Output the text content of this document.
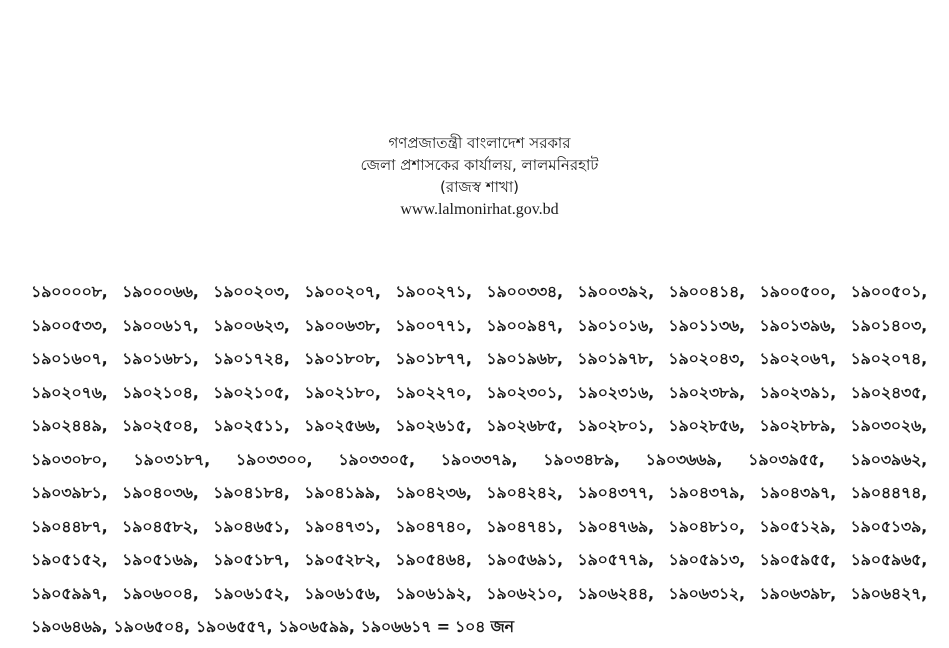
গণপ্রজাতন্ত্রী বাংলাদেশ সরকার
জেলা প্রশাসকের কার্যালয়, লালমনিরহাট
(রাজস্ব শাখা)
www.lalmonirhat.gov.bd
১৯০০০০৮, ১৯০০০৬৬, ১৯০০২০৩, ১৯০০২০৭, ১৯০০২৭১, ১৯০০৩৩৪, ১৯০০৩৯২, ১৯০০৪১৪, ১৯০০৫০০, ১৯০০৫০১,
১৯০০৫৩৩, ১৯০০৬১৭, ১৯০০৬২৩, ১৯০০৬৩৮, ১৯০০৭৭১, ১৯০০৯৪৭, ১৯০১০১৬, ১৯০১১৩৬, ১৯০১৩৯৬, ১৯০১৪০৩,
১৯০১৬০৭, ১৯০১৬৮১, ১৯০১৭২৪, ১৯০১৮০৮, ১৯০১৮৭৭, ১৯০১৯৬৮, ১৯০১৯৭৮, ১৯০২০৪৩, ১৯০২০৬৭, ১৯০২০৭৪,
১৯০২০৭৬, ১৯০২১০৪, ১৯০২১০৫, ১৯০২১৮০, ১৯০২২৭০, ১৯০২৩০১, ১৯০২৩১৬, ১৯০২৩৮৯, ১৯০২৩৯১, ১৯০২৪৩৫,
১৯০২৪৪৯, ১৯০২৫০৪, ১৯০২৫১১, ১৯০২৫৬৬, ১৯০২৬১৫, ১৯০২৬৮৫, ১৯০২৮০১, ১৯০২৮৫৬, ১৯০২৮৮৯, ১৯০৩০২৬,
১৯০৩০৮০, ১৯০৩১৮৭, ১৯০৩৩০০, ১৯০৩৩০৫, ১৯০৩৩৭৯, ১৯০৩৪৮৯, ১৯০৩৬৬৯, ১৯০৩৯৫৫, ১৯০৩৯৬২,
১৯০৩৯৮১, ১৯০৪০৩৬, ১৯০৪১৮৪, ১৯০৪১৯৯, ১৯০৪২৩৬, ১৯০৪২৪২, ১৯০৪৩৭৭, ১৯০৪৩৭৯, ১৯০৪৩৯৭, ১৯০৪৪৭৪,
১৯০৪৪৮৭, ১৯০৪৫৮২, ১৯০৪৬৫১, ১৯০৪৭৩১, ১৯০৪৭৪০, ১৯০৪৭৪১, ১৯০৪৭৬৯, ১৯০৪৮১০, ১৯০৫১২৯, ১৯০৫১৩৯,
১৯০৫১৫২, ১৯০৫১৬৯, ১৯০৫১৮৭, ১৯০৫২৮২, ১৯০৫৪৬৪, ১৯০৫৬৯১, ১৯০৫৭৭৯, ১৯০৫৯১৩, ১৯০৫৯৫৫, ১৯০৫৯৬৫,
১৯০৫৯৯৭, ১৯০৬০০৪, ১৯০৬১৫২, ১৯০৬১৫৬, ১৯০৬১৯২, ১৯০৬২১০, ১৯০৬২৪৪, ১৯০৬৩১২, ১৯০৬৩৯৮, ১৯০৬৪২৭,
১৯০৬৪৬৯, ১৯০৬৫০৪, ১৯০৬৫৫৭, ১৯০৬৫৯৯, ১৯০৬৬১৭ = ১০৪ জন
